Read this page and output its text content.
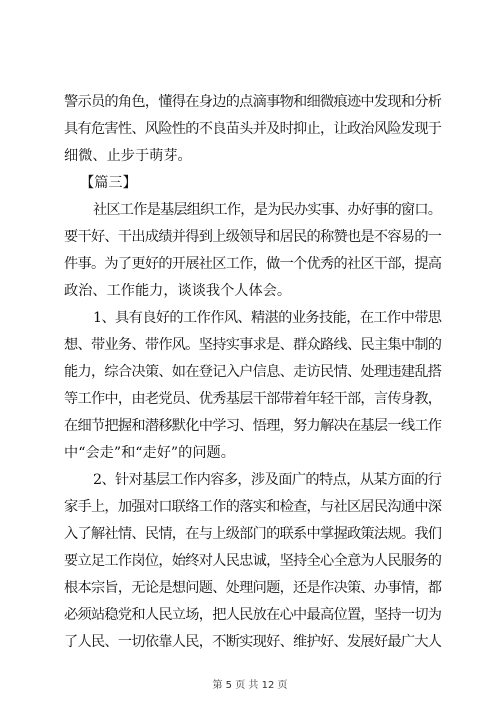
警示员的角色，懂得在身边的点滴事物和细微痕迹中发现和分析
具有危害性、风险性的不良苗头并及时抑止，让政治风险发现于
细微、止步于萌芽。
【篇三】
社区工作是基层组织工作，是为民办实事、办好事的窗口。
要干好、干出成绩并得到上级领导和居民的称赞也是不容易的一
件事。为了更好的开展社区工作，做一个优秀的社区干部，提高
政治、工作能力，谈谈我个人体会。
1、具有良好的工作作风、精湛的业务技能，在工作中带思
想、带业务、带作风。坚持实事求是、群众路线、民主集中制的
能力，综合决策、如在登记入户信息、走访民情、处理违建乱搭
等工作中，由老党员、优秀基层干部带着年轻干部，言传身教，
在细节把握和潜移默化中学习、悟理，努力解决在基层一线工作
中“会走”和“走好”的问题。
2、针对基层工作内容多，涉及面广的特点，从某方面的行
家手上，加强对口联络工作的落实和检查，与社区居民沟通中深
入了解社情、民情，在与上级部门的联系中掌握政策法规。我们
要立足工作岗位，始终对人民忠诚，坚持全心全意为人民服务的
根本宗旨，无论是想问题、处理问题，还是作决策、办事情，都
必须站稳党和人民立场，把人民放在心中最高位置，坚持一切为
了人民、一切依靠人民，不断实现好、维护好、发展好最广大人
第 5 页 共 12 页
